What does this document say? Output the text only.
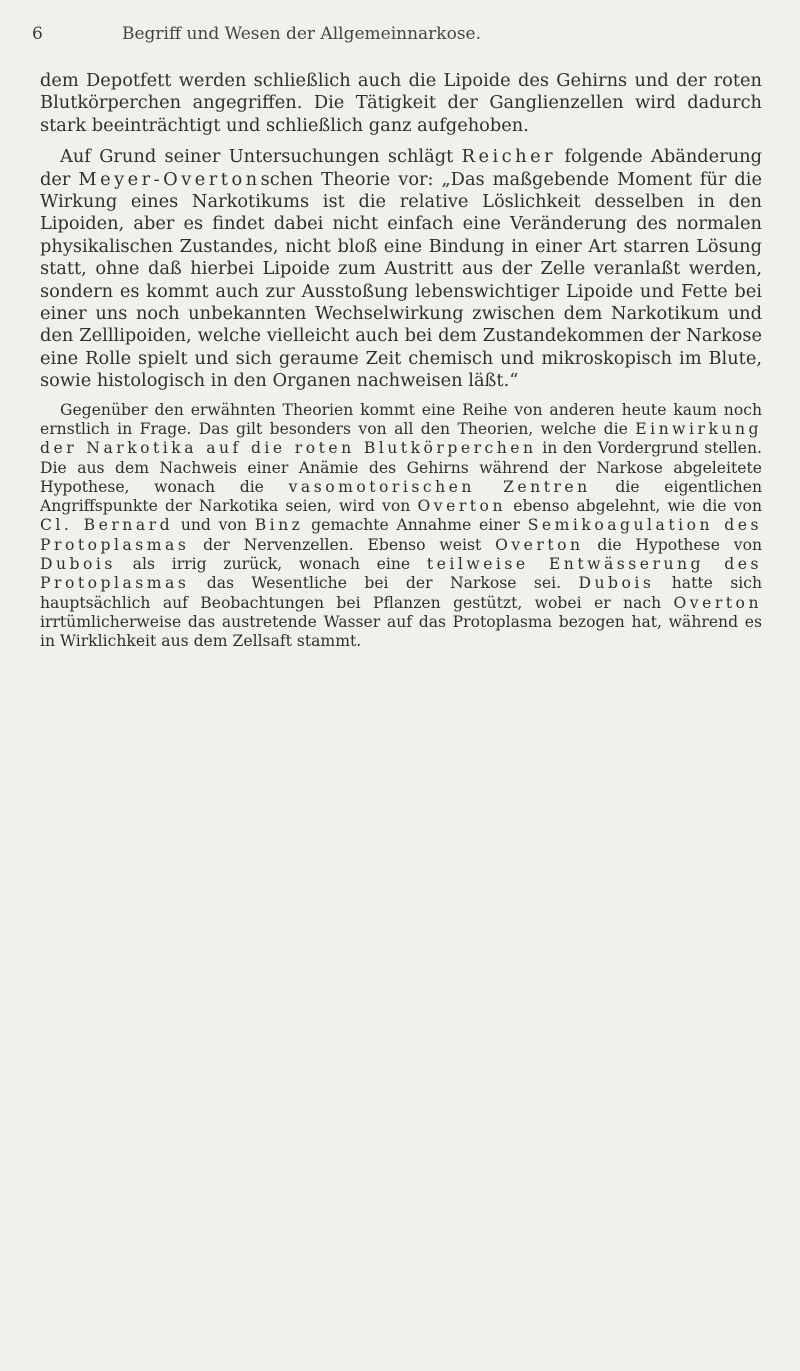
6	Begriff und Wesen der Allgemeinnarkose.

dem Depotfett werden schließlich auch die Lipoide des Gehirns und der roten Blutkörperchen angegriffen. Die Tätigkeit der Ganglienzellen wird dadurch stark beeinträchtigt und schließlich ganz aufgehoben.

Auf Grund seiner Untersuchungen schlägt Reicher folgende Abänderung der Meyer-Overtonschen Theorie vor: „Das maßgebende Moment für die Wirkung eines Narkotikums ist die relative Löslichkeit desselben in den Lipoiden, aber es findet dabei nicht einfach eine Veränderung des normalen physikalischen Zustandes, nicht bloß eine Bindung in einer Art starren Lösung statt, ohne daß hierbei Lipoide zum Austritt aus der Zelle veranlaßt werden, sondern es kommt auch zur Ausstoßung lebenswichtiger Lipoide und Fette bei einer uns noch unbekannten Wechselwirkung zwischen dem Narkotikum und den Zelllipoiden, welche vielleicht auch bei dem Zustandekommen der Narkose eine Rolle spielt und sich geraume Zeit chemisch und mikroskopisch im Blute, sowie histologisch in den Organen nachweisen läßt.“

Gegenüber den erwähnten Theorien kommt eine Reihe von anderen heute kaum noch ernstlich in Frage. Das gilt besonders von all den Theorien, welche die Einwirkung der Narkotika auf die roten Blutkörperchen in den Vordergrund stellen. Die aus dem Nachweis einer Anämie des Gehirns während der Narkose abgeleitete Hypothese, wonach die vasomotorischen Zentren die eigentlichen Angriffspunkte der Narkotika seien, wird von Overton ebenso abgelehnt, wie die von Cl. Bernard und von Binz gemachte Annahme einer Semikoagulation des Protoplasmas der Nervenzellen. Ebenso weist Overton die Hypothese von Dubois als irrig zurück, wonach eine teilweise Entwässerung des Protoplasmas das Wesentliche bei der Narkose sei. Dubois hatte sich hauptsächlich auf Beobachtungen bei Pflanzen gestützt, wobei er nach Overton irrtümlicherweise das austretende Wasser auf das Protoplasma bezogen hat, während es in Wirklichkeit aus dem Zellsaft stammt.
